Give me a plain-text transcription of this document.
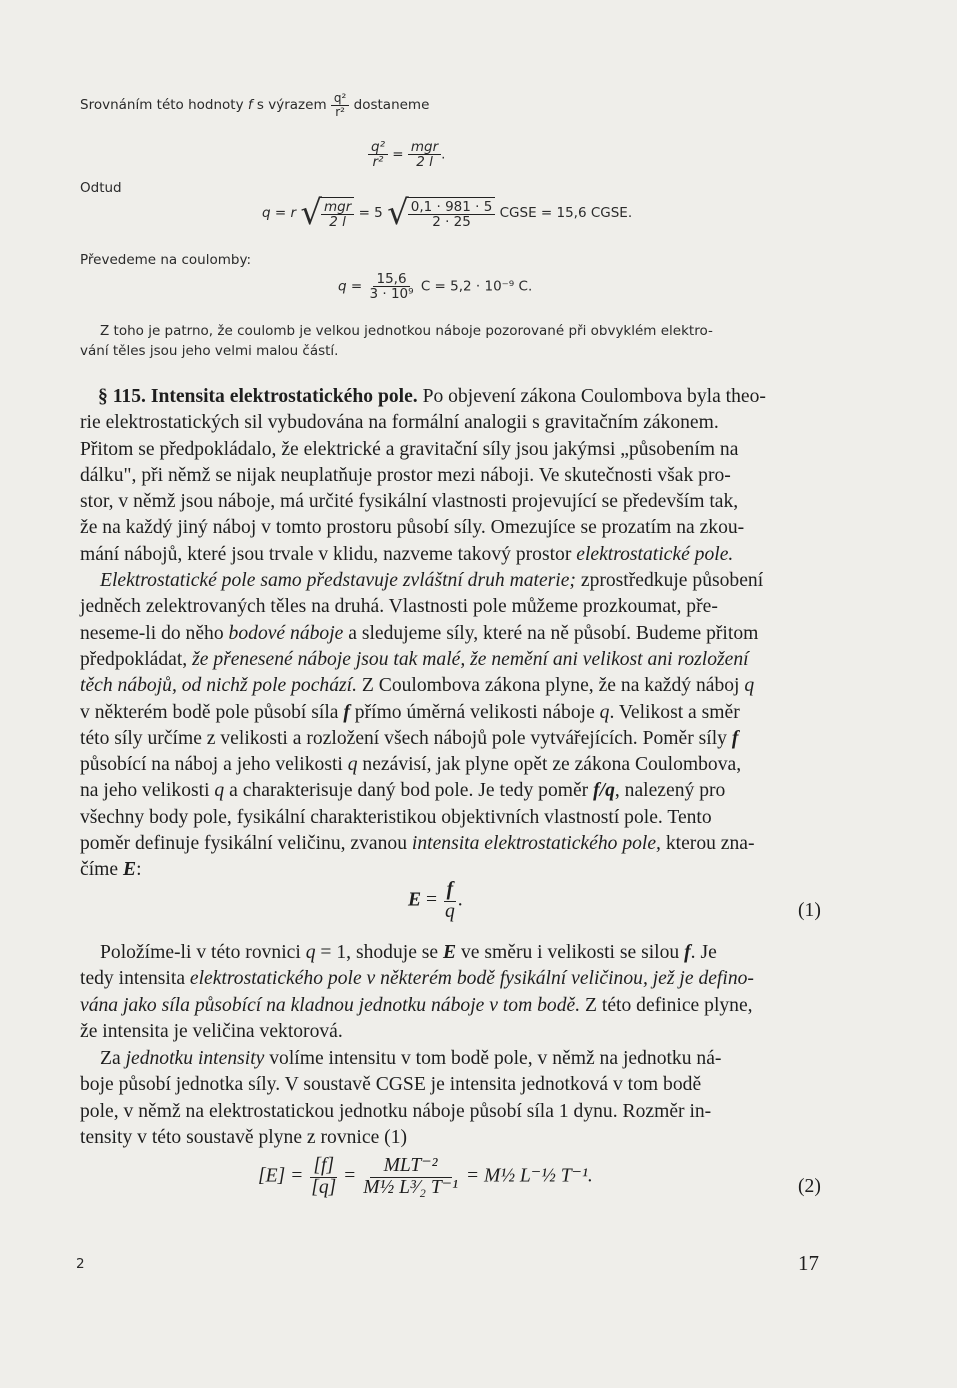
Srovnáním této hodnoty f s výrazem $\frac{\text{q²}}{\text{r²}}$ dostaneme
$\frac{\text{q²}}{\text{r²}} = \frac{\text{mgr}}{2 l}$ .
Odtud
q = r √ $\frac{\text{mgr}}{2 l} = 5$ √ $\frac{0,1 \cdot 981 \cdot 5}{2 \cdot 25}$ CGSE = 15,6 CGSE.
Převedeme na coulomby:
$q = \frac{15,6}{\text{3 · 10⁹}}$ C = 5,2 · 10⁻⁹ C.
Z toho je patrno, že coulomb je velkou jednotkou náboje pozorované při obvyklém elektro-
vání těles jsou jeho velmi malou částí.
§ 115. Intensita elektrostatického pole. Po objevení zákona Coulombova byla theo-
rie elektrostatických sil vybudována na formální analogii s gravitačním zákonem.
Přitom se předpokládalo, že elektrické a gravitační síly jsou jakýmsi „působením na
dálku", při němž se nijak neuplatňuje prostor mezi náboji. Ve skutečnosti však pro-
stor, v němž jsou náboje, má určité fysikální vlastnosti projevující se především tak,
že na každý jiný náboj v tomto prostoru působí síly. Omezujíce se prozatím na zkou-
mání nábojů, které jsou trvale v klidu, nazveme takový prostor elektrostatické pole.
Elektrostatické pole samo představuje zvláštní druh materie; zprostředkuje působení
jedněch zelektrovaných těles na druhá. Vlastnosti pole můžeme prozkoumat, pře-
neseme-li do něho bodové náboje a sledujeme síly, které na ně působí. Budeme přitom
předpokládat, že přenesené náboje jsou tak malé, že nemění ani velikost ani rozložení
těch nábojů, od nichž pole pochází. Z Coulombova zákona plyne, že na každý náboj q
v některém bodě pole působí síla f přímo úměrná velikosti náboje q. Velikost a směr
této síly určíme z velikosti a rozložení všech nábojů pole vytvářejících. Poměr síly f
působící na náboj a jeho velikosti q nezávisí, jak plyne opět ze zákona Coulombova,
na jeho velikosti q a charakterisuje daný bod pole. Je tedy poměr f/q, nalezený pro
všechny body pole, fysikální charakteristikou objektivních vlastností pole. Tento
poměr definuje fysikální veličinu, zvanou intensita elektrostatického pole, kterou zna-
číme E:
$E = \frac{f}{q}$ .	(1)
Položíme-li v této rovnici q = 1, shoduje se E ve směru i velikosti se silou f. Je
tedy intensita elektrostatického pole v některém bodě fysikální veličinou, jež je defino-
vána jako síla působící na kladnou jednotku náboje v tom bodě. Z této definice plyne,
že intensita je veličina vektorová.
Za jednotku intensity volíme intensitu v tom bodě pole, v němž na jednotku ná-
boje působí jednotka síly. V soustavě CGSE je intensita jednotková v tom bodě
pole, v němž na elektrostatickou jednotku náboje působí síla 1 dynu. Rozměr in-
tensity v této soustavě plyne z rovnice (1)
$[E] = \frac{[f]}{[q]} = \frac{\text{MLT⁻²}}{\text{M½ L³⁄₂ T⁻¹}}$ = M½ L⁻½ T⁻¹.	(2)
2	17
